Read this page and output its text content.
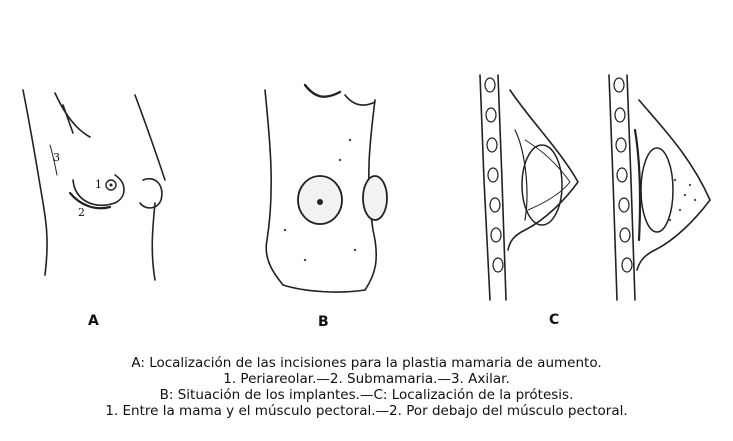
1
2
3
A	B	C
A: Localización de las incisiones para la plastia mamaria de aumento.
1. Periareolar.—2. Submamaria.—3. Axilar.
B: Situación de los implantes.—C: Localización de la prótesis.
1. Entre la mama y el músculo pectoral.—2. Por debajo del músculo pectoral.
